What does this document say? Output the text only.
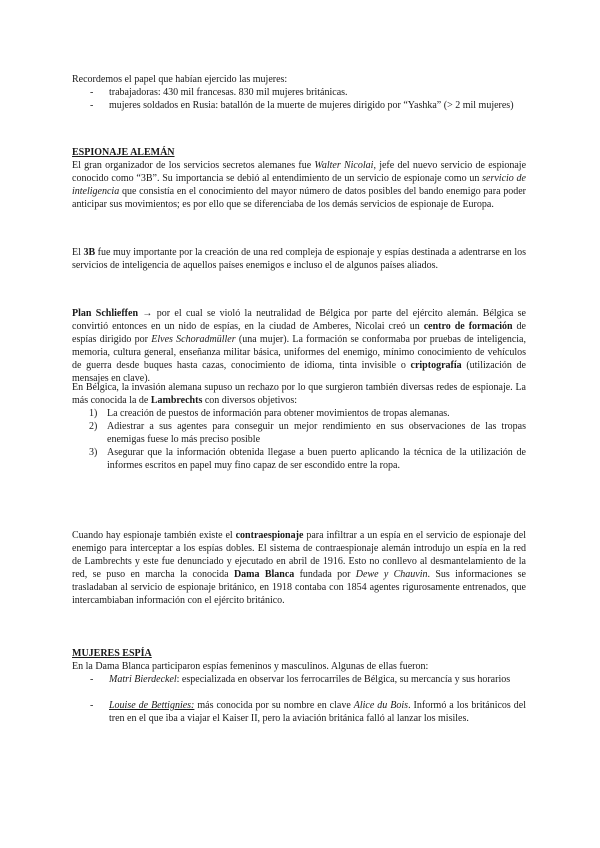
Recordemos el papel que habían ejercido las mujeres:
- trabajadoras: 430 mil francesas. 830 mil mujeres británicas.
- mujeres soldados en Rusia: batallón de la muerte de mujeres dirigido por “Yashka” (> 2 mil mujeres)
ESPIONAJE ALEMÁN
El gran organizador de los servicios secretos alemanes fue Walter Nicolai, jefe del nuevo servicio de espionaje conocido como “3B”. Su importancia se debió al entendimiento de un servicio de espionaje como un servicio de inteligencia que consistía en el conocimiento del mayor número de datos posibles del bando enemigo para poder anticipar sus movimientos; es por ello que se diferenciaba de los demás servicios de espionaje de Europa.
El 3B fue muy importante por la creación de una red compleja de espionaje y espías destinada a adentrarse en los servicios de inteligencia de aquellos países enemigos e incluso el de algunos países aliados.
Plan Schlieffen → por el cual se violó la neutralidad de Bélgica por parte del ejército alemán. Bélgica se convirtió entonces en un nido de espías, en la ciudad de Amberes, Nicolai creó un centro de formación de espías dirigido por Elves Schoradmüller (una mujer). La formación se conformaba por pruebas de inteligencia, memoria, cultura general, enseñanza militar básica, uniformes del enemigo, mínimo conocimiento de vehículos de guerra desde buques hasta cazas, conocimiento de idioma, tinta invisible o criptografía (utilización de mensajes en clave).
En Bélgica, la invasión alemana supuso un rechazo por lo que surgieron también diversas redes de espionaje. La más conocida la de Lambrechts con diversos objetivos:
1) La creación de puestos de información para obtener movimientos de tropas alemanas.
2) Adiestrar a sus agentes para conseguir un mejor rendimiento en sus observaciones de las tropas enemigas fuese lo más preciso posible
3) Asegurar que la información obtenida llegase a buen puerto aplicando la técnica de la utilización de informes escritos en papel muy fino capaz de ser escondido entre la ropa.
Cuando hay espionaje también existe el contraespionaje para infiltrar a un espía en el servicio de espionaje del enemigo para interceptar a los espías dobles. El sistema de contraespionaje alemán introdujo un espía en la red de Lambrechts y este fue denunciado y ejecutado en abril de 1916. Esto no conllevo al desmantelamiento de la red, se puso en marcha la conocida Dama Blanca fundada por Dewe y Chauvin. Sus informaciones se trasladaban al servicio de espionaje británico, en 1918 contaba con 1854 agentes rigurosamente entrenados, que intercambiaban información con el ejército británico.
MUJERES ESPÍA
En la Dama Blanca participaron espías femeninos y masculinos. Algunas de ellas fueron:
- Matri Bierdeckel: especializada en observar los ferrocarriles de Bélgica, su mercancía y sus horarios
- Louise de Bettignies: más conocida por su nombre en clave Alice du Bois. Informó a los británicos del tren en el que iba a viajar el Kaiser II, pero la aviación británica falló al lanzar los misiles.
